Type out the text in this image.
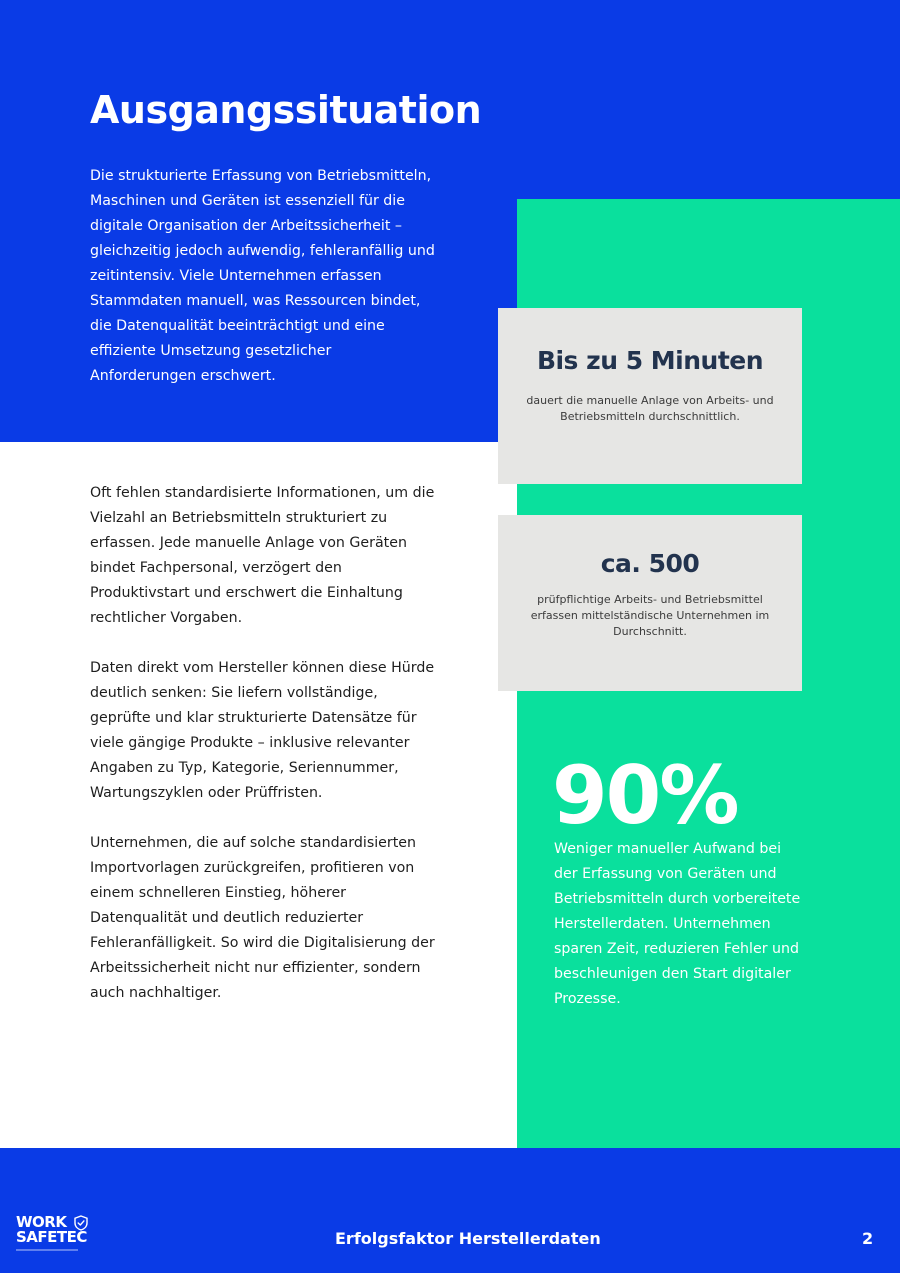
Ausgangssituation

Die strukturierte Erfassung von Betriebsmitteln, Maschinen und Geräten ist essenziell für die digitale Organisation der Arbeitssicherheit – gleichzeitig jedoch aufwendig, fehleranfällig und zeitintensiv. Viele Unternehmen erfassen Stammdaten manuell, was Ressourcen bindet, die Datenqualität beeinträchtigt und eine effiziente Umsetzung gesetzlicher Anforderungen erschwert.

Oft fehlen standardisierte Informationen, um die Vielzahl an Betriebsmitteln strukturiert zu erfassen. Jede manuelle Anlage von Geräten bindet Fachpersonal, verzögert den Produktivstart und erschwert die Einhaltung rechtlicher Vorgaben.

Daten direkt vom Hersteller können diese Hürde deutlich senken: Sie liefern vollständige, geprüfte und klar strukturierte Datensätze für viele gängige Produkte – inklusive relevanter Angaben zu Typ, Kategorie, Seriennummer, Wartungszyklen oder Prüffristen.

Unternehmen, die auf solche standardisierten Importvorlagen zurückgreifen, profitieren von einem schnelleren Einstieg, höherer Datenqualität und deutlich reduzierter Fehleranfälligkeit. So wird die Digitalisierung der Arbeitssicherheit nicht nur effizienter, sondern auch nachhaltiger.

Bis zu 5 Minuten
dauert die manuelle Anlage von Arbeits- und Betriebsmitteln durchschnittlich.
ca. 500
prüfpflichtige Arbeits- und Betriebsmittel erfassen mittelständische Unternehmen im Durchschnitt.
90%

Weniger manueller Aufwand bei der Erfassung von Geräten und Betriebsmitteln durch vorbereitete Herstellerdaten. Unternehmen sparen Zeit, reduzieren Fehler und beschleunigen den Start digitaler Prozesse.

WORK
SAFETEC	Erfolgsfaktor Herstellerdaten	2
